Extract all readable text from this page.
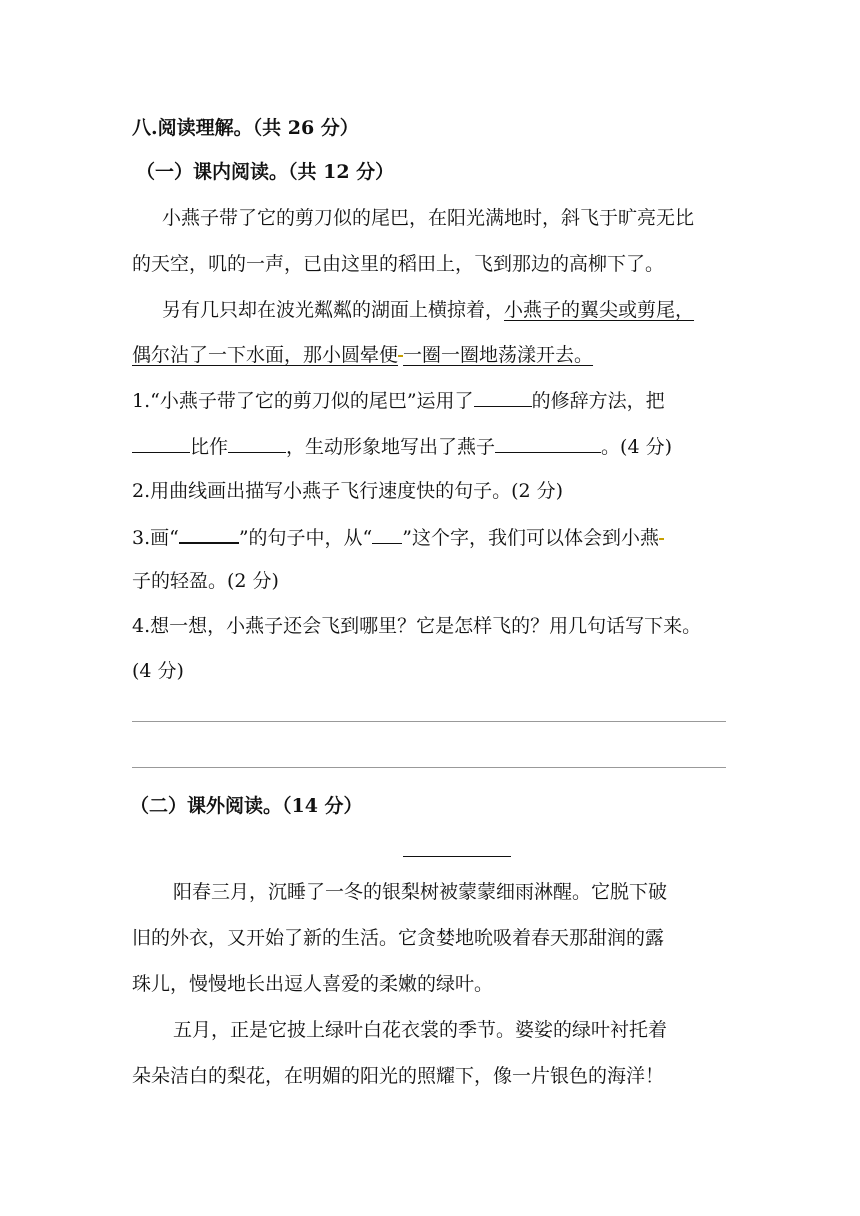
八.阅读理解。（共 26 分）
（一）课内阅读。（共 12 分）
小燕子带了它的剪刀似的尾巴，在阳光满地时，斜飞于旷亮无比
的天空，叽的一声，已由这里的稻田上，飞到那边的高柳下了。
另有几只却在波光粼粼的湖面上横掠着，小燕子的翼尖或剪尾，
偶尔沾了一下水面，那小圆晕便 一圈一圈地荡漾开去。
1.“小燕子带了它的剪刀似的尾巴”运用了	的修辞方法，把
比作	，生动形象地写出了燕子	。(4 分)
2.用曲线画出描写小燕子飞行速度快的句子。(2 分)
3.画“	”的句子中，从“ ”这个字，我们可以体会到小燕
子的轻盈。(2 分)
4.想一想，小燕子还会飞到哪里？它是怎样飞的？用几句话写下来。
(4 分)
（二）课外阅读。（14 分）
阳春三月，沉睡了一冬的银梨树被蒙蒙细雨淋醒。它脱下破
旧的外衣，又开始了新的生活。它贪婪地吮吸着春天那甜润的露
珠儿，慢慢地长出逗人喜爱的柔嫩的绿叶。
五月，正是它披上绿叶白花衣裳的季节。婆娑的绿叶衬托着
朵朵洁白的梨花，在明媚的阳光的照耀下，像一片银色的海洋！
